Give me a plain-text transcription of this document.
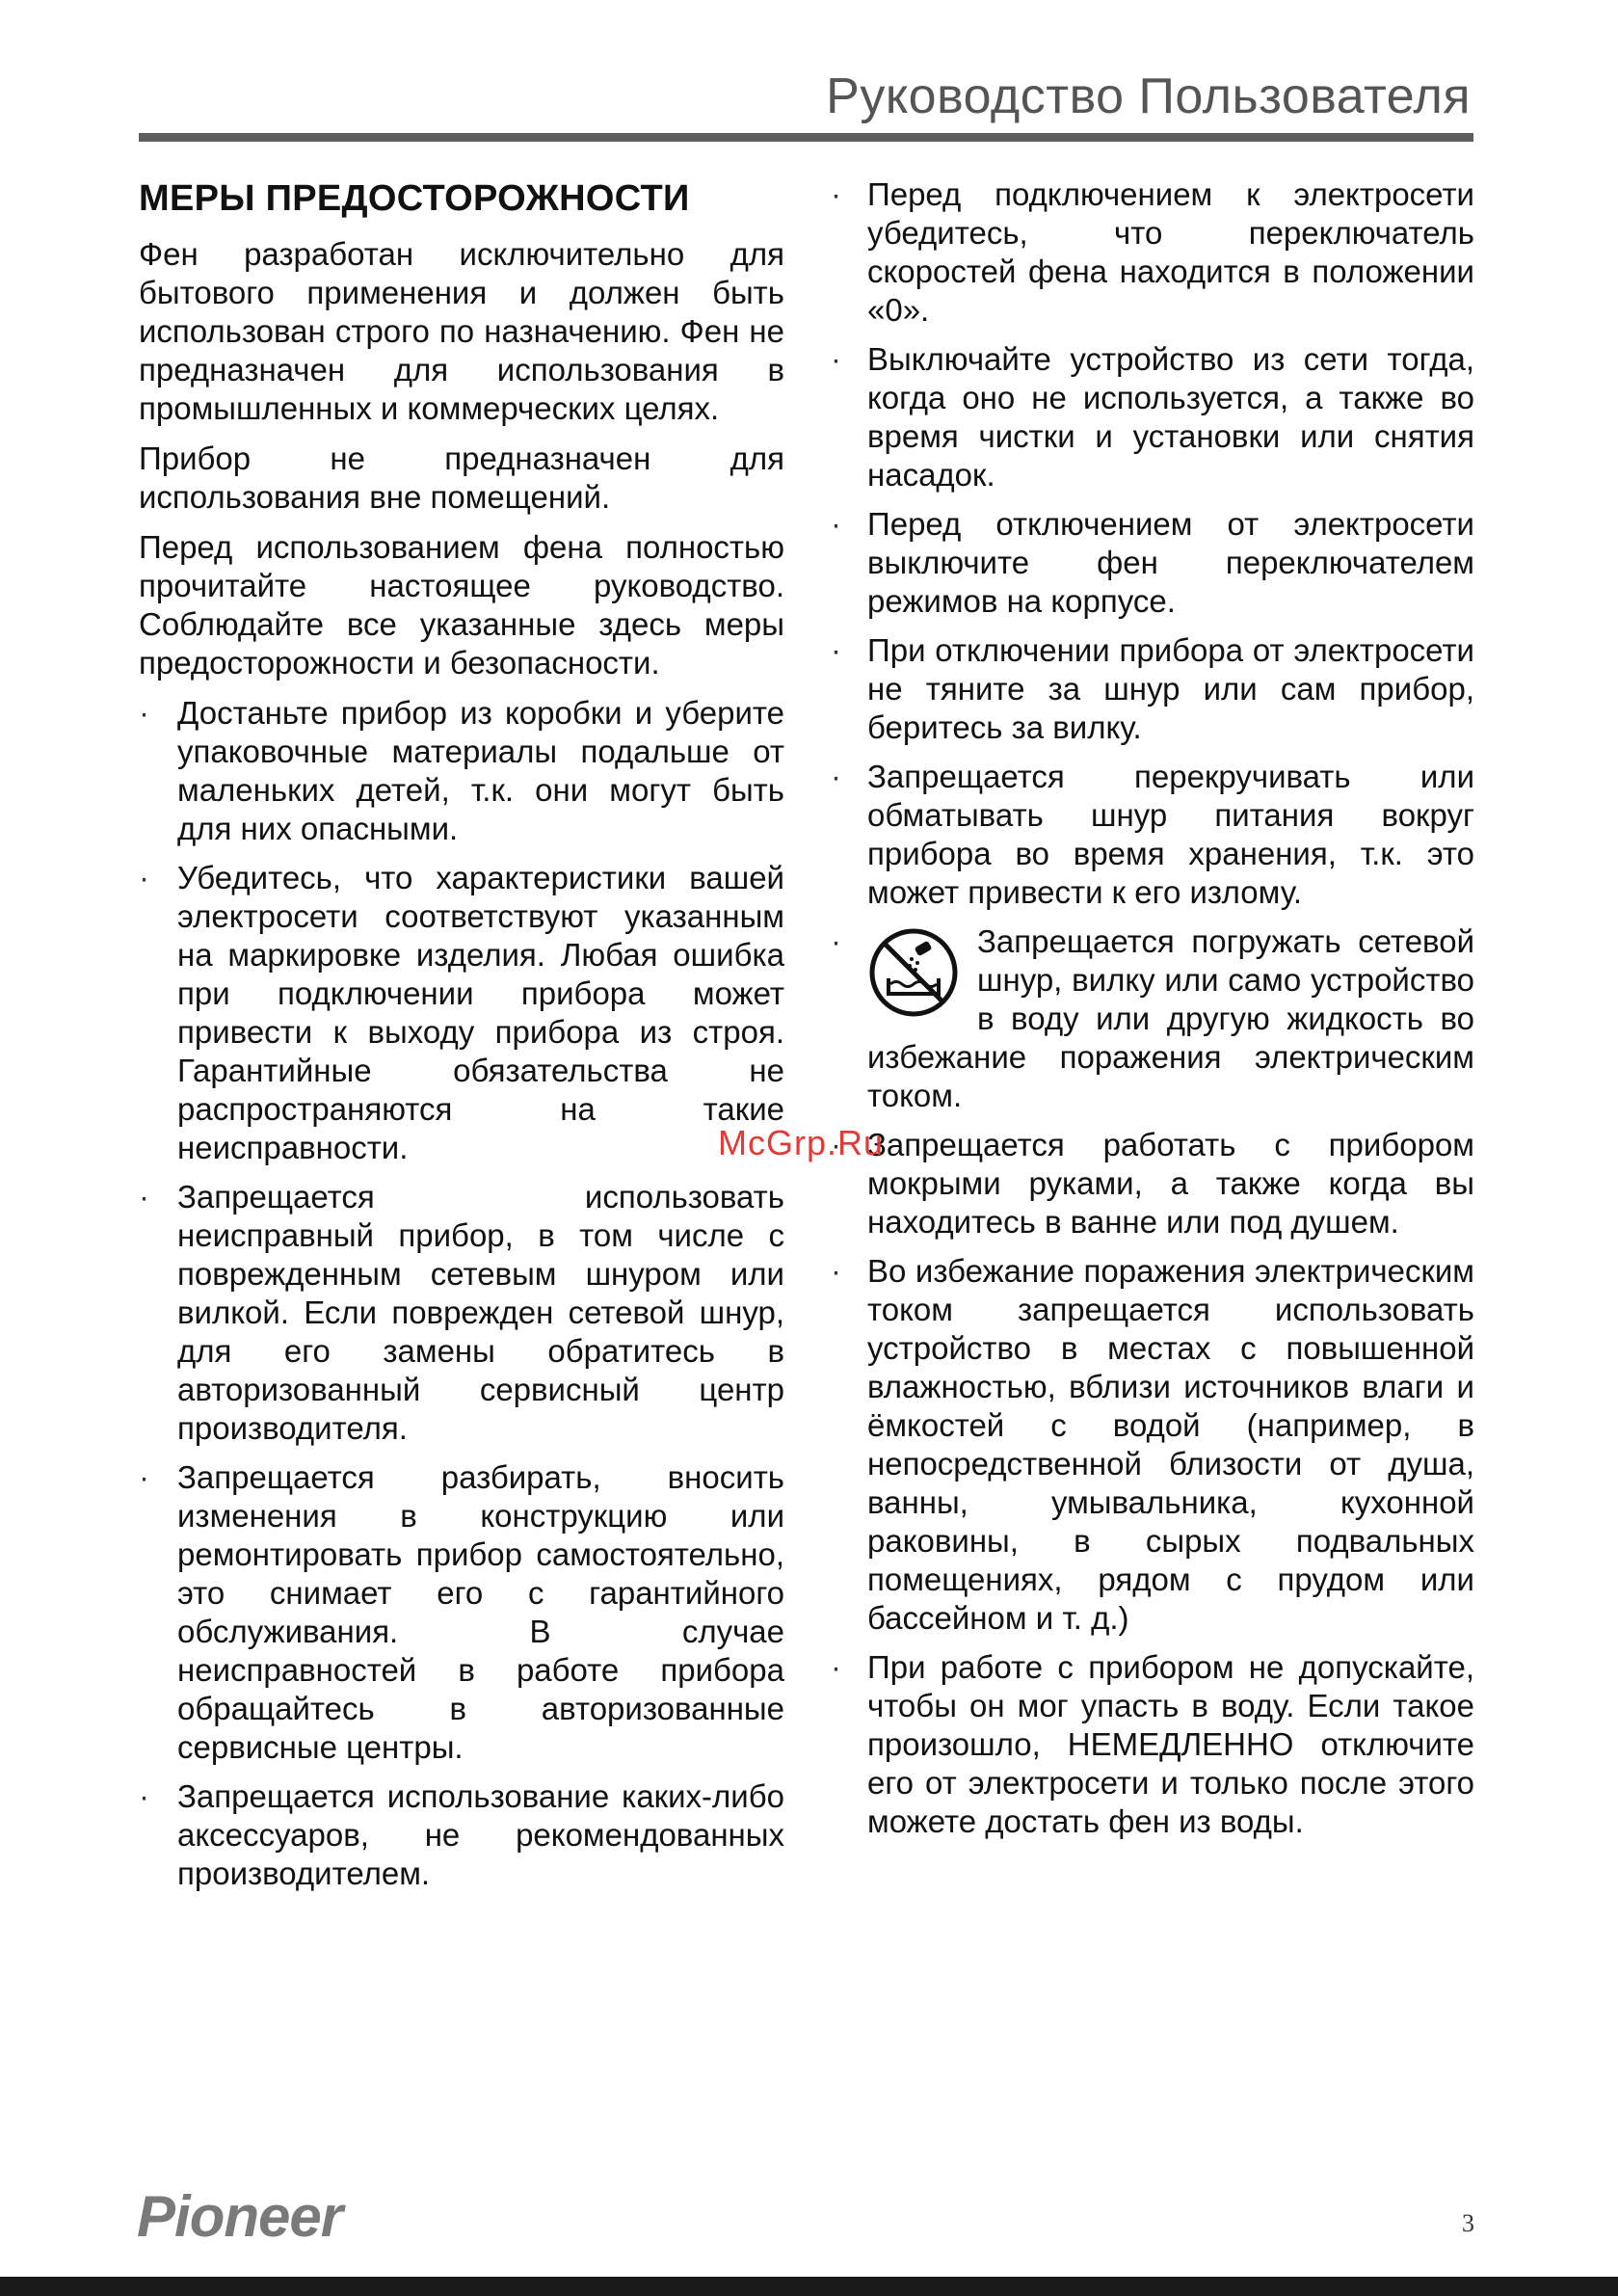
Руководство Пользователя
МЕРЫ ПРЕДОСТОРОЖНОСТИ

Фен разработан исключительно для бытового применения и должен быть использован строго по назначению. Фен не предназначен для использования в промышленных и коммерческих целях.

Прибор не предназначен для использования вне помещений.

Перед использованием фена полностью прочитайте настоящее руководство. Соблюдайте все указанные здесь меры предосторожности и безопасности.

· Достаньте прибор из коробки и уберите упаковочные материалы подальше от маленьких детей, т.к. они могут быть для них опасными.
· Убедитесь, что характеристики вашей электросети соответствуют указанным на маркировке изделия. Любая ошибка при подключении прибора может привести к выходу прибора из строя. Гарантийные обязательства не распространяются на такие неисправности.
· Запрещается использовать неисправный прибор, в том числе с поврежденным сетевым шнуром или вилкой. Если поврежден сетевой шнур, для его замены обратитесь в авторизованный сервисный центр производителя.
· Запрещается разбирать, вносить изменения в конструкцию или ремонтировать прибор самостоятельно, это снимает его с гарантийного обслуживания. В случае неисправностей в работе прибора обращайтесь в авторизованные сервисные центры.
· Запрещается использование каких-либо аксессуаров, не рекомендованных производителем.
· Перед подключением к электросети убедитесь, что переключатель скоростей фена находится в положении «0».
· Выключайте устройство из сети тогда, когда оно не используется, а также во время чистки и установки или снятия насадок.
· Перед отключением от электросети выключите фен переключателем режимов на корпусе.
· При отключении прибора от электросети не тяните за шнур или сам прибор, беритесь за вилку.
· Запрещается перекручивать или обматывать шнур питания вокруг прибора во время хранения, т.к. это может привести к его излому.
· Запрещается погружать сетевой шнур, вилку или само устройство в воду или другую жидкость во избежание поражения электрическим током.
· Запрещается работать с прибором мокрыми руками, а также когда вы находитесь в ванне или под душем.
· Во избежание поражения электрическим током запрещается использовать устройство в местах с повышенной влажностью, вблизи источников влаги и ёмкостей с водой (например, в непосредственной близости от душа, ванны, умывальника, кухонной раковины, в сырых подвальных помещениях, рядом с прудом или бассейном и т. д.)
· При работе с прибором не допускайте, чтобы он мог упасть в воду. Если такое произошло, НЕМЕДЛЕННО отключите его от электросети и только после этого можете достать фен из воды.
McGrp.Ru
Pioneer	3
